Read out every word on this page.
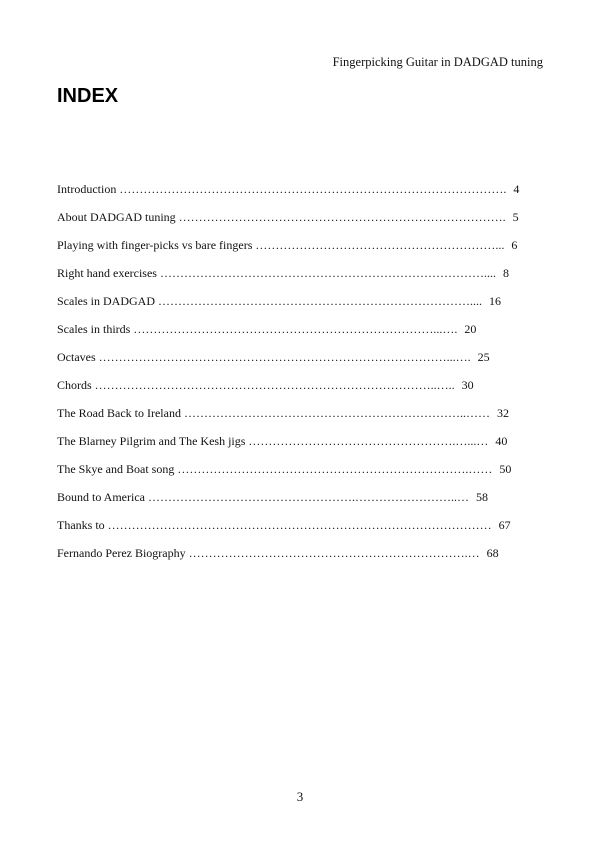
Fingerpicking Guitar in DADGAD tuning
INDEX
Introduction ……………………………………………………………………………………. 4
About DADGAD tuning ………………………………………………………………………. 5
Playing with finger-picks vs bare fingers ……………………………………………………... 6
Right hand exercises ……………………………………………………………………….... 8
Scales in DADGAD …………………………………………………………………….... 16
Scales in thirds …………………………………………………………………...…. 20
Octaves ……………………………………………………………………………...…. 25
Chords …………………………………………………………………………..….. 30
The Road Back to Ireland ……………………………………………………………..…… 32
The Blarney Pilgrim and The Kesh jigs …………………………………………….…...… 40
The Skye and Boat song ……………………………………………………………….…… 50
Bound to America …………………………………………….……………………..… 58
Thanks to …………………………………………………………………………………… 67
Fernando Perez Biography …………………………………………………………….… 68
3
